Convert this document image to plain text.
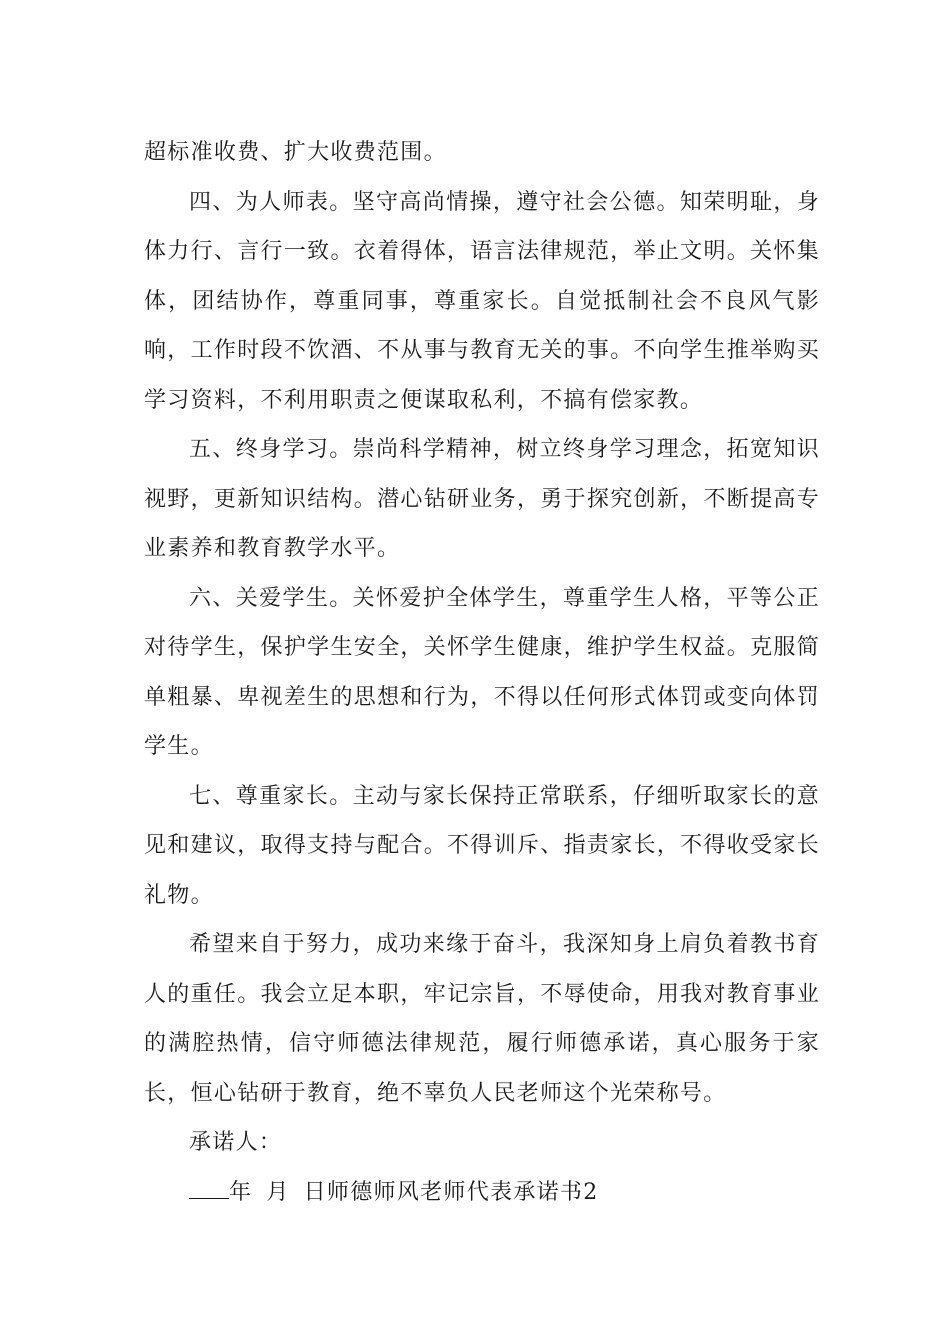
超标准收费、扩大收费范围。

四、为人师表。坚守高尚情操，遵守社会公德。知荣明耻，身体力行、言行一致。衣着得体，语言法律规范，举止文明。关怀集体，团结协作，尊重同事，尊重家长。自觉抵制社会不良风气影响，工作时段不饮酒、不从事与教育无关的事。不向学生推举购买学习资料，不利用职责之便谋取私利，不搞有偿家教。

五、终身学习。崇尚科学精神，树立终身学习理念，拓宽知识视野，更新知识结构。潜心钻研业务，勇于探究创新，不断提高专业素养和教育教学水平。

六、关爱学生。关怀爱护全体学生，尊重学生人格，平等公正对待学生，保护学生安全，关怀学生健康，维护学生权益。克服简单粗暴、卑视差生的思想和行为，不得以任何形式体罚或变向体罚学生。

七、尊重家长。主动与家长保持正常联系，仔细听取家长的意见和建议，取得支持与配合。不得训斥、指责家长，不得收受家长礼物。

希望来自于努力，成功来缘于奋斗，我深知身上肩负着教书育人的重任。我会立足本职，牢记宗旨，不辱使命，用我对教育事业的满腔热情，信守师德法律规范，履行师德承诺，真心服务于家长，恒心钻研于教育，绝不辜负人民老师这个光荣称号。

承诺人：

年 月 日师德师风老师代表承诺书2
